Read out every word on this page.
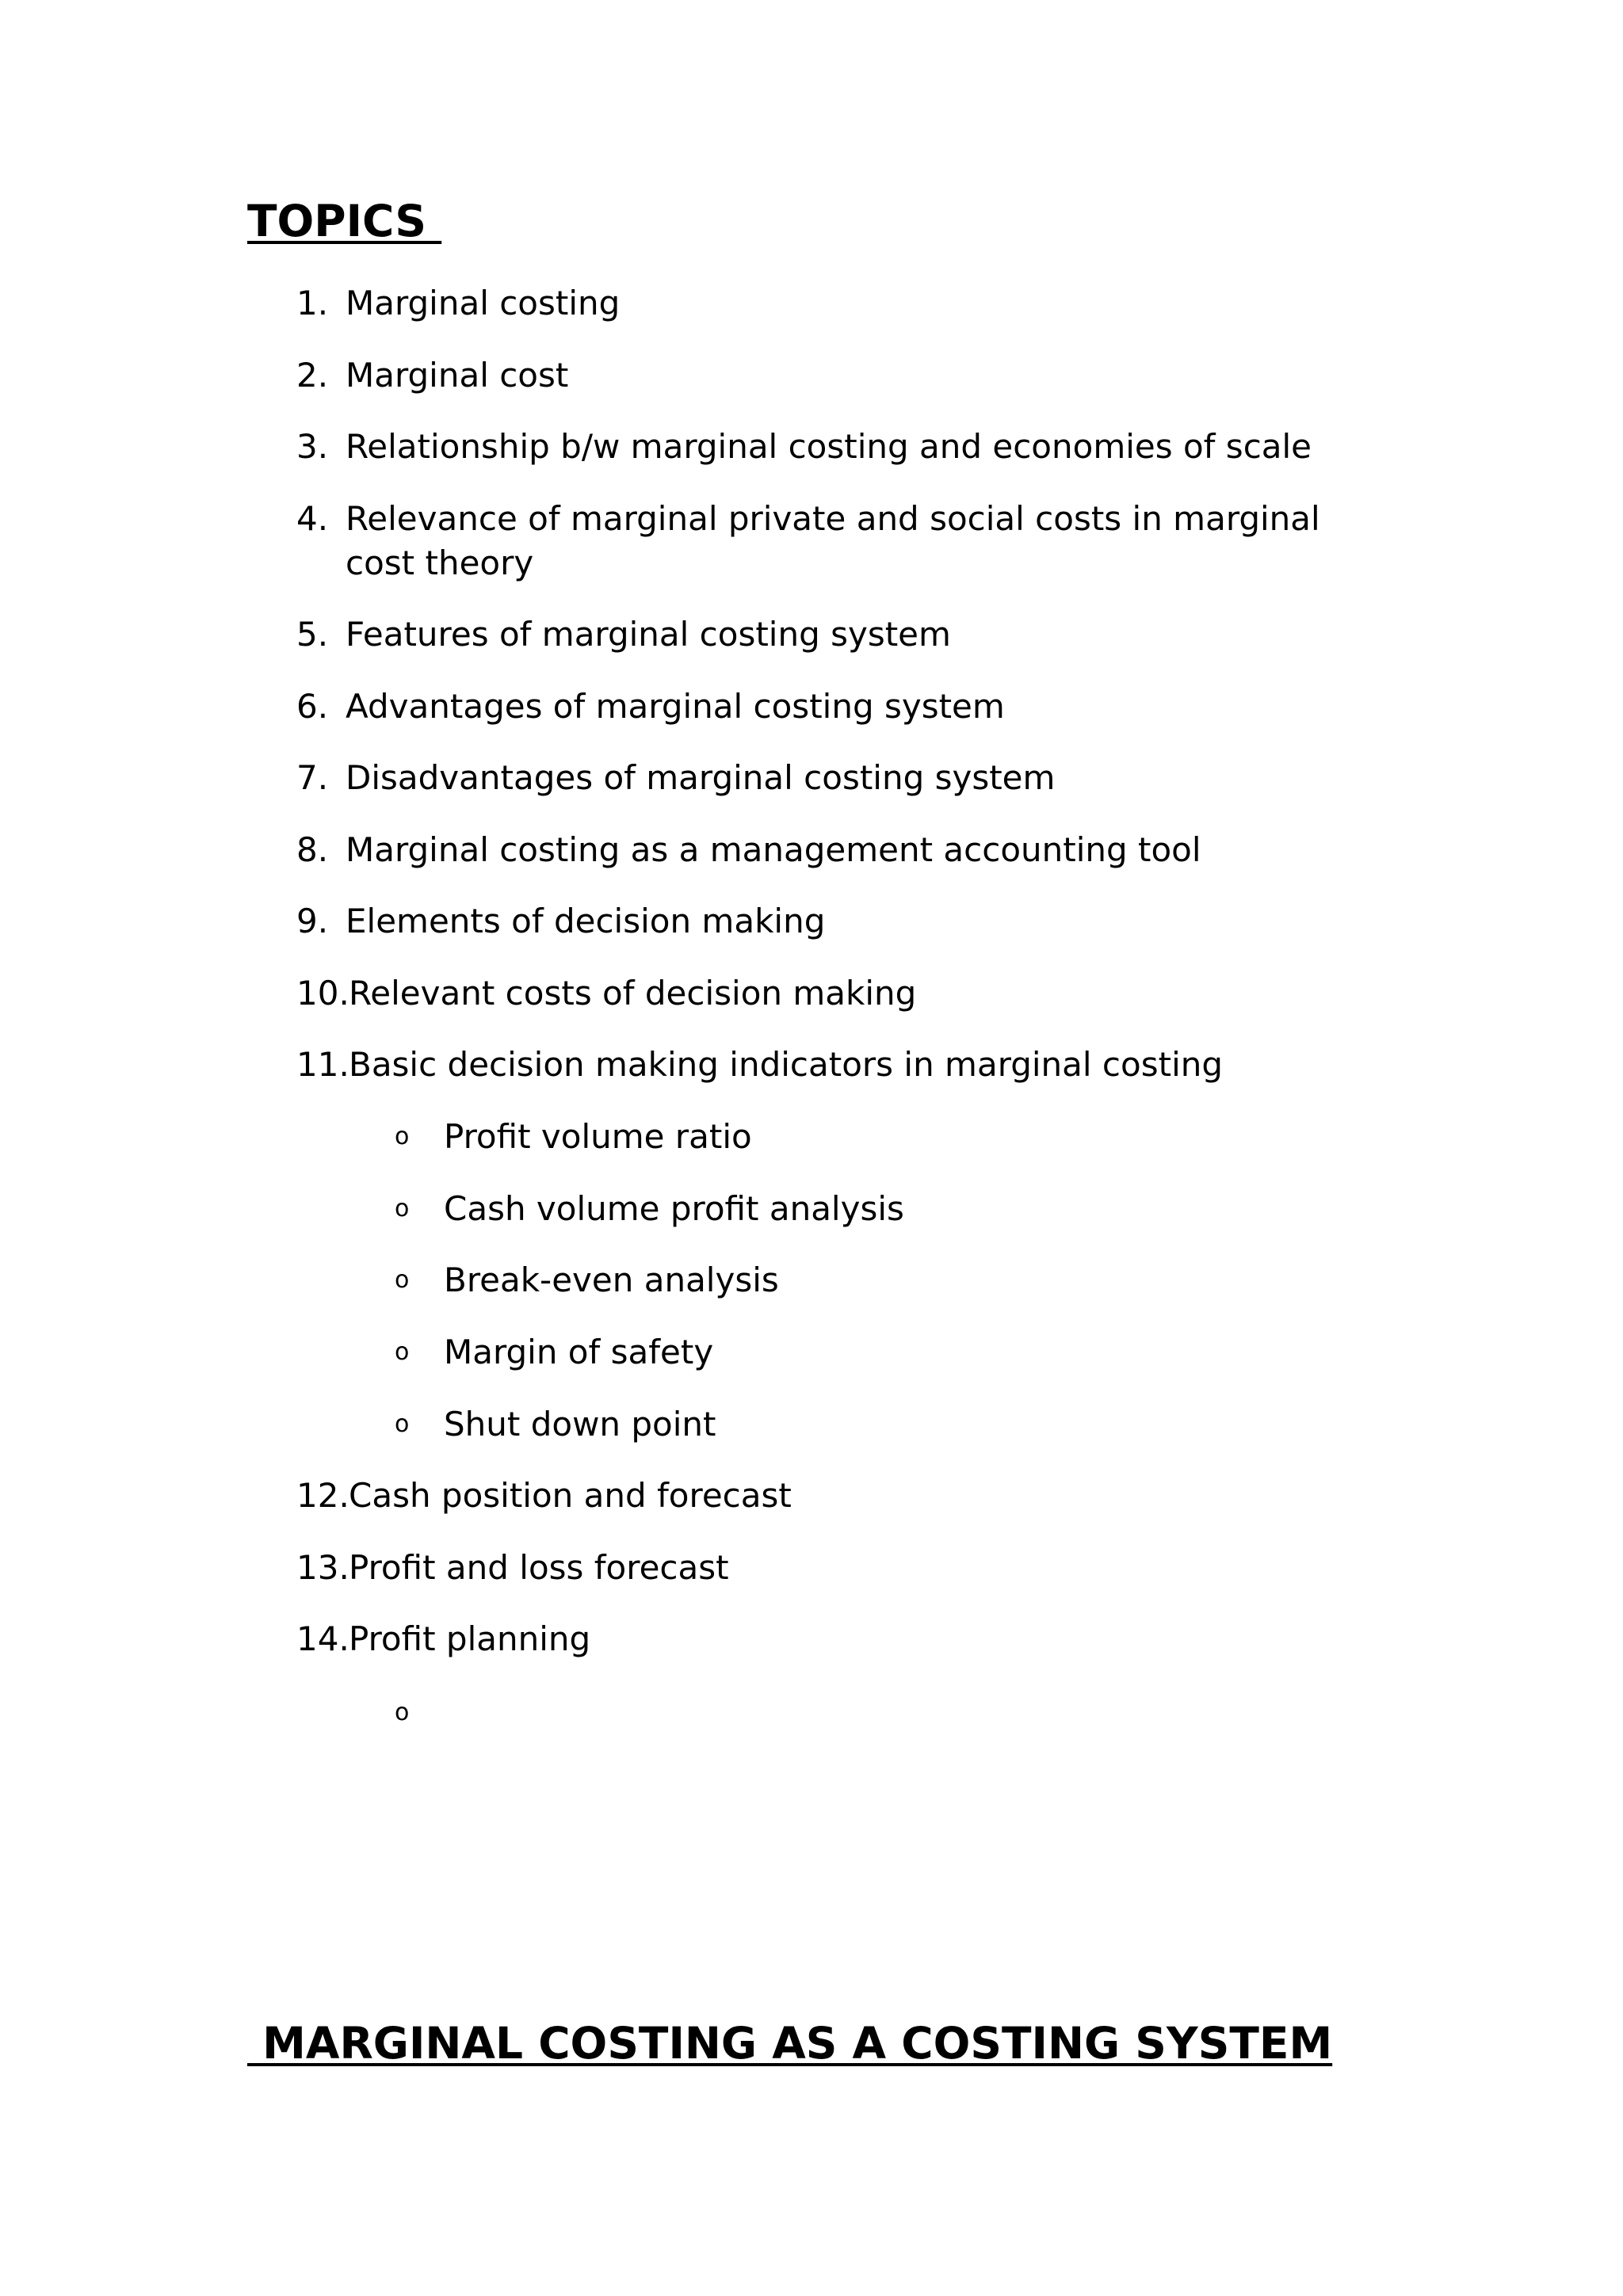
TOPICS
1. Marginal costing
2. Marginal cost
3. Relationship b/w marginal costing and economies of scale
4. Relevance of marginal private and social costs in marginal
cost theory
5. Features of marginal costing system
6. Advantages of marginal costing system
7. Disadvantages of marginal costing system
8. Marginal costing as a management accounting tool
9. Elements of decision making
10. Relevant costs of decision making
11. Basic decision making indicators in marginal costing
o Profit volume ratio
o Cash volume profit analysis
o Break-even analysis
o Margin of safety
o Shut down point
12. Cash position and forecast
13. Profit and loss forecast
14. Profit planning
o
MARGINAL COSTING AS A COSTING SYSTEM
